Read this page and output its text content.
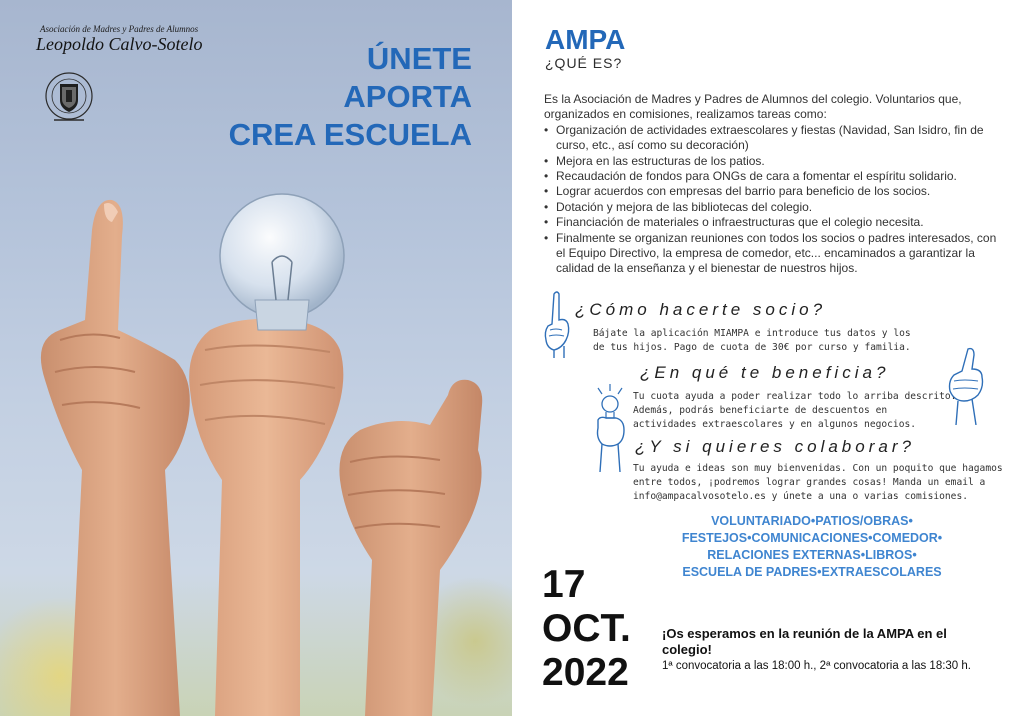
Asociación de Madres y Padres de Alumnos
Leopoldo Calvo-Sotelo	ÚNETE
APORTA
CREA ESCUELA
AMPA
¿QUÉ ES?

Es la Asociación de Madres y Padres de Alumnos del colegio. Voluntarios que, organizados en comisiones, realizamos tareas como:

• Organización de actividades extraescolares y fiestas (Navidad, San Isidro, fin de curso, etc., así como su decoración)
• Mejora en las estructuras de los patios.
• Recaudación de fondos para ONGs de cara a fomentar el espíritu solidario.
• Lograr acuerdos con empresas del barrio para beneficio de los socios.
• Dotación y mejora de las bibliotecas del colegio.
• Financiación de materiales o infraestructuras que el colegio necesita.
• Finalmente se organizan reuniones con todos los socios o padres interesados, con el Equipo Directivo, la empresa de comedor, etc... encaminados a garantizar la calidad de la enseñanza y el bienestar de nuestros hijos.
¿Cómo hacerte socio?
Bájate la aplicación MIAMPA e introduce tus datos y los
de tus hijos. Pago de cuota de 30€ por curso y familia.
¿En qué te beneficia?
Tu cuota ayuda a poder realizar todo lo arriba descrito.
Además, podrás beneficiarte de descuentos en
actividades extraescolares y en algunos negocios.
¿Y si quieres colaborar?
Tu ayuda e ideas son muy bienvenidas. Con un poquito que hagamos
entre todos, ¡podremos lograr grandes cosas! Manda un email a
info@ampacalvosotelo.es y únete a una o varias comisiones.
VOLUNTARIADO•PATIOS/OBRAS•
FESTEJOS•COMUNICACIONES•COMEDOR•
RELACIONES EXTERNAS•LIBROS•
ESCUELA DE PADRES•EXTRAESCOLARES
17
OCT.
2022
¡Os esperamos en la reunión de la AMPA en el colegio!
1ª convocatoria a las 18:00 h., 2ª convocatoria a las 18:30 h.
